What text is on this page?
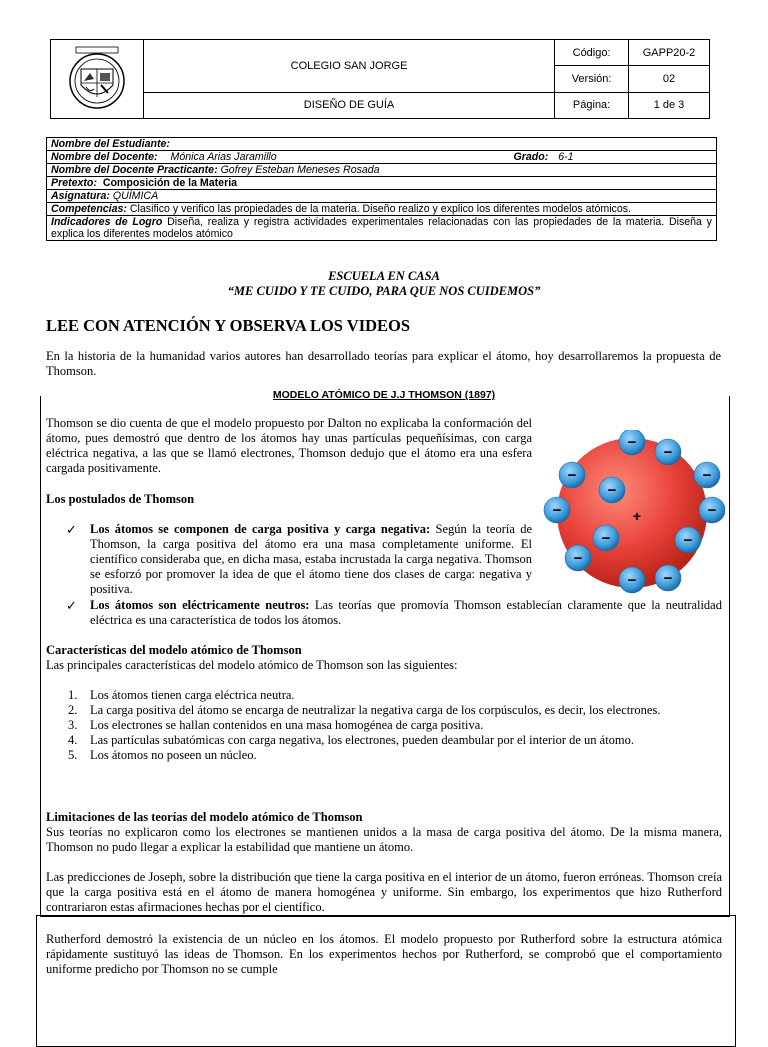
	COLEGIO SAN JORGE	Código:	GAPP20-2
		Versión:	02
	DISEÑO DE GUÍA	Página:	1 de 3
Nombre del Estudiante:
Nombre del Docente: Mónica Arias Jaramillo	Grado: 6-1

Nombre del Docente Practicante: Gofrey Esteban Meneses Rosada
Pretexto: Composición de la Materia
Asignatura: QUÍMICA
Competencias: Clasifico y verifico las propiedades de la materia. Diseño realizo y explico los diferentes modelos atómicos.
Indicadores de Logro Diseña, realiza y registra actividades experimentales relacionadas con las propiedades de la materia. Diseña y explica los diferentes modelos atómico
ESCUELA EN CASA
“ME CUIDO Y TE CUIDO, PARA QUE NOS CUIDEMOS”
LEE CON ATENCIÓN Y OBSERVA LOS VIDEOS
En la historia de la humanidad varios autores han desarrollado teorías para explicar el átomo, hoy desarrollaremos la propuesta de Thomson.
MODELO ATÓMICO DE J.J THOMSON (1897)
Thomson se dio cuenta de que el modelo propuesto por Dalton no explicaba la conformación del átomo, pues demostró que dentro de los átomos hay unas partículas pequeñísimas, con carga eléctrica negativa, a las que se llamó electrones, Thomson dedujo que el átomo era una esfera cargada positivamente.
+
−
−
−
−
−	−
−	−
−
−
−
−
Los postulados de Thomson
✓ Los átomos se componen de carga positiva y carga negativa: Según la teoría de Thomson, la carga positiva del átomo era una masa completamente uniforme. El científico consideraba que, en dicha masa, estaba incrustada la carga negativa. Thomson se esforzó por promover la idea de que el átomo tiene dos clases de carga: negativa y positiva.
✓ Los átomos son eléctricamente neutros: Las teorías que promovía Thomson establecían claramente que la neutralidad eléctrica es una característica de todos los átomos.
Características del modelo atómico de Thomson
Las principales características del modelo atómico de Thomson son las siguientes:
1. Los átomos tienen carga eléctrica neutra.
2. La carga positiva del átomo se encarga de neutralizar la negativa carga de los corpúsculos, es decir, los electrones.
3. Los electrones se hallan contenidos en una masa homogénea de carga positiva.
4. Las partículas subatómicas con carga negativa, los electrones, pueden deambular por el interior de un átomo.
5. Los átomos no poseen un núcleo.
Limitaciones de las teorías del modelo atómico de Thomson
Sus teorías no explicaron como los electrones se mantienen unidos a la masa de carga positiva del átomo. De la misma manera, Thomson no pudo llegar a explicar la estabilidad que mantiene un átomo.
Las predicciones de Joseph, sobre la distribución que tiene la carga positiva en el interior de un átomo, fueron erróneas. Thomson creía que la carga positiva está en el átomo de manera homogénea y uniforme. Sin embargo, los experimentos que hizo Rutherford contrariaron estas afirmaciones hechas por el científico.
Rutherford demostró la existencia de un núcleo en los átomos. El modelo propuesto por Rutherford sobre la estructura atómica rápidamente sustituyó las ideas de Thomson. En los experimentos hechos por Rutherford, se comprobó que el comportamiento uniforme predicho por Thomson no se cumple
